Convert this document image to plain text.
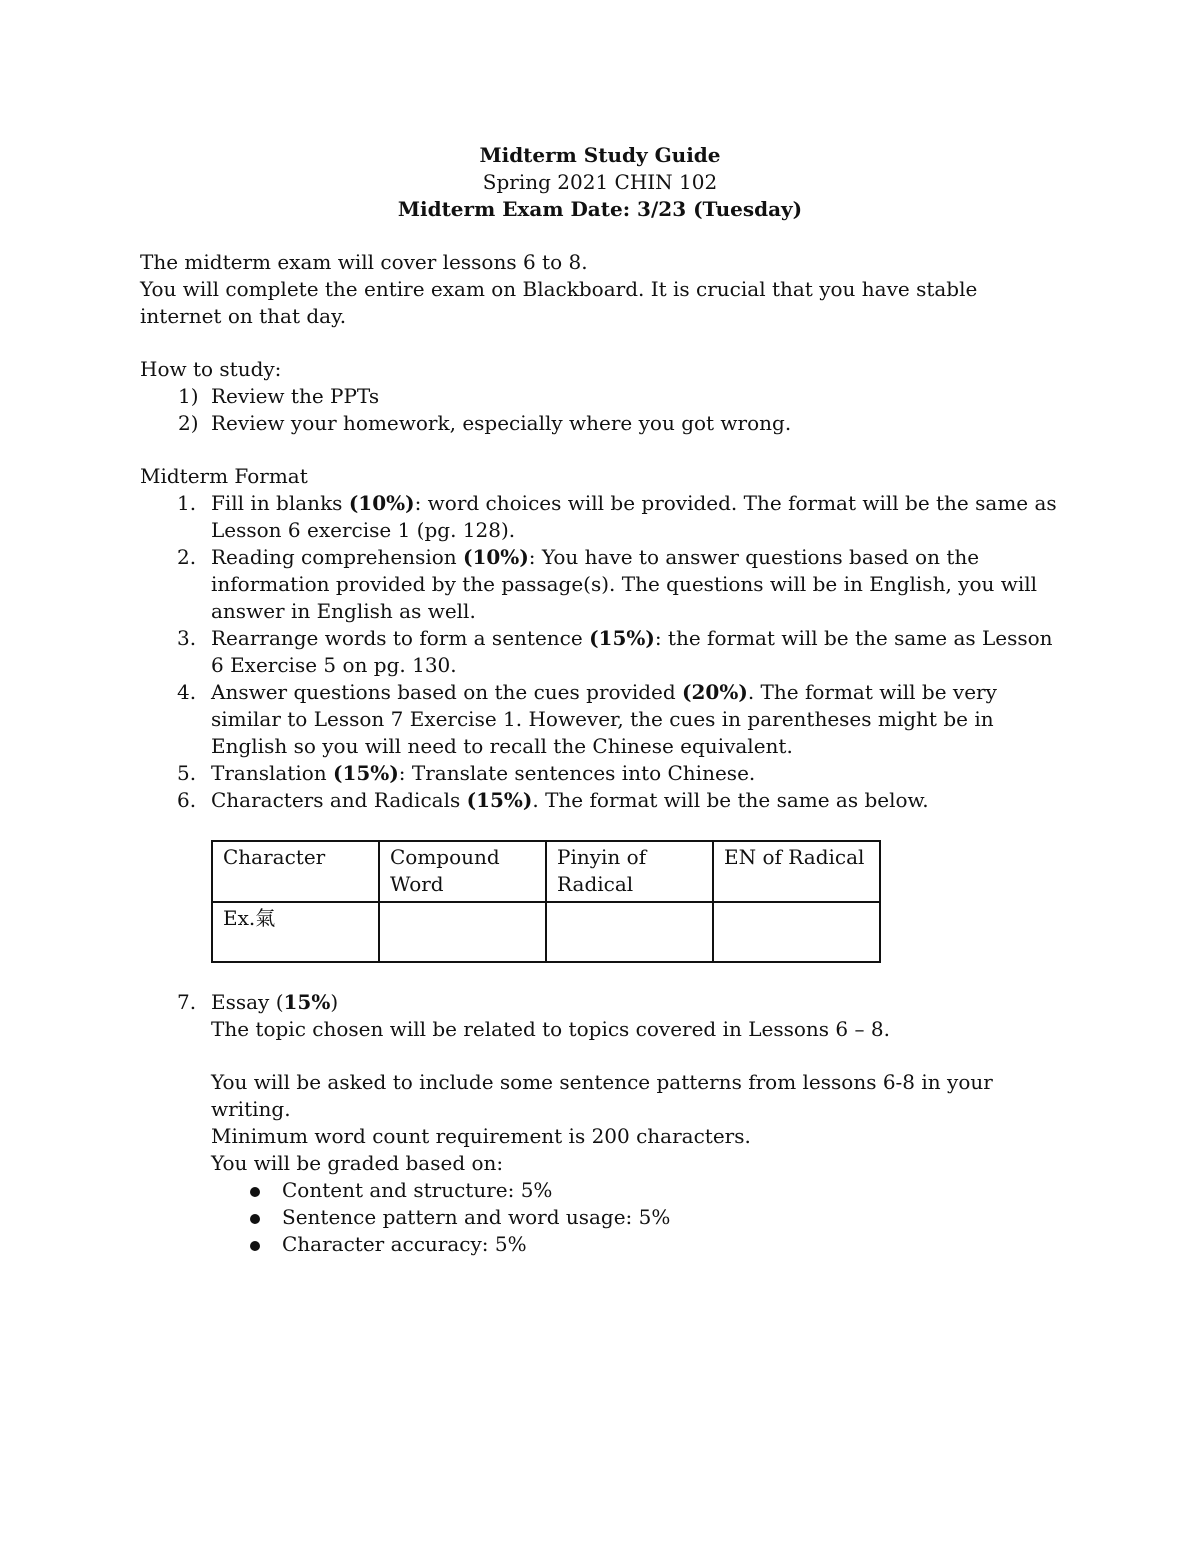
Midterm Study Guide
Spring 2021 CHIN 102
Midterm Exam Date: 3/23 (Tuesday)

The midterm exam will cover lessons 6 to 8.

You will complete the entire exam on Blackboard. It is crucial that you have stable internet on that day.

How to study:

1) Review the PPTs
2) Review your homework, especially where you got wrong.

Midterm Format

1. Fill in blanks (10%): word choices will be provided. The format will be the same as Lesson 6 exercise 1 (pg. 128).
2. Reading comprehension (10%): You have to answer questions based on the information provided by the passage(s). The questions will be in English, you will answer in English as well.
3. Rearrange words to form a sentence (15%): the format will be the same as Lesson 6 Exercise 5 on pg. 130.
4. Answer questions based on the cues provided (20%). The format will be very similar to Lesson 7 Exercise 1. However, the cues in parentheses might be in English so you will need to recall the Chinese equivalent.
5. Translation (15%): Translate sentences into Chinese.
6. Characters and Radicals (15%). The format will be the same as below.
Character	Compound Word	Pinyin of Radical	EN of Radical
Ex.氣			
7. Essay (15%)

The topic chosen will be related to topics covered in Lessons 6 – 8.

You will be asked to include some sentence patterns from lessons 6-8 in your writing.

Minimum word count requirement is 200 characters.

You will be graded based on:

Content and structure: 5%
Sentence pattern and word usage: 5%
Character accuracy: 5%
